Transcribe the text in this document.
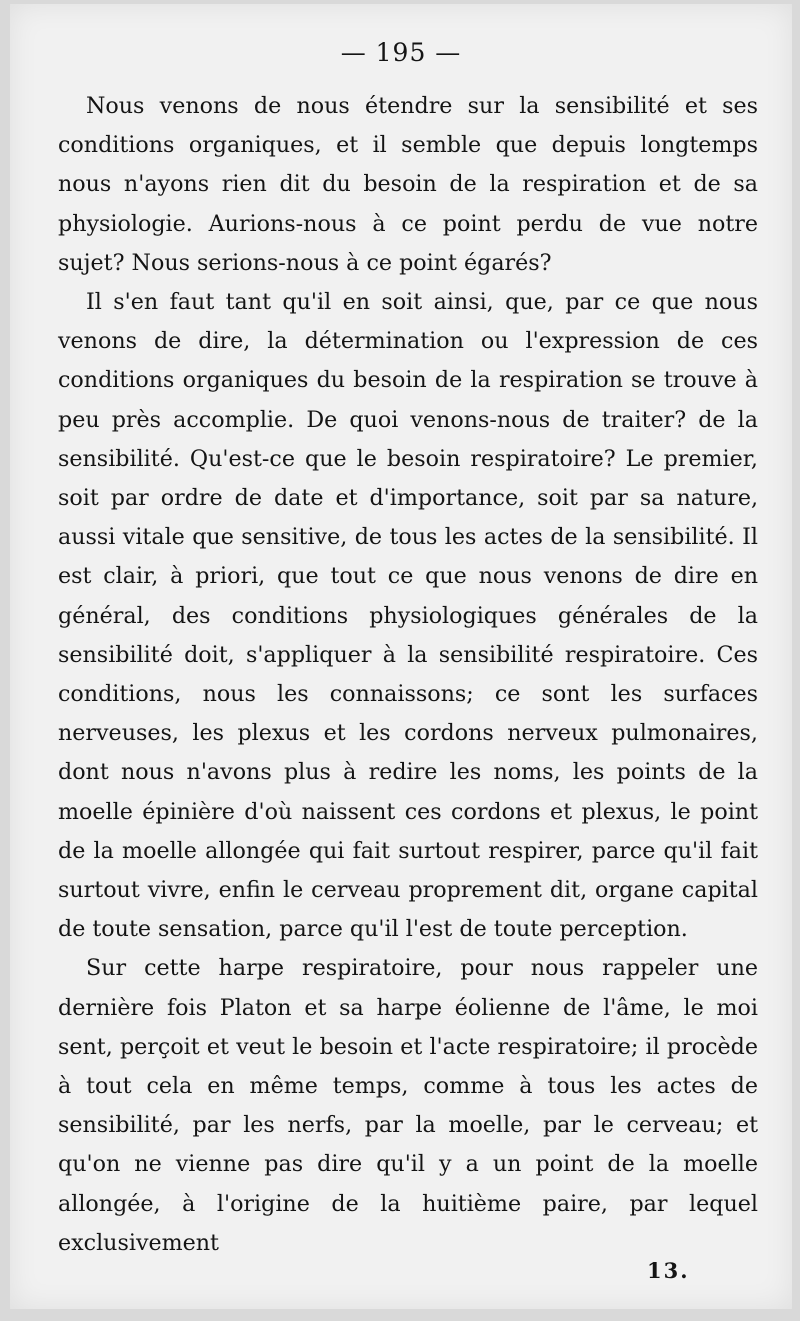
— 195 —

Nous venons de nous étendre sur la sensibilité et ses conditions organiques, et il semble que depuis longtemps nous n'ayons rien dit du besoin de la respiration et de sa physiologie. Aurions-nous à ce point perdu de vue notre sujet? Nous serions-nous à ce point égarés?

Il s'en faut tant qu'il en soit ainsi, que, par ce que nous venons de dire, la détermination ou l'expression de ces conditions organiques du besoin de la respiration se trouve à peu près accomplie. De quoi venons-nous de traiter? de la sensibilité. Qu'est-ce que le besoin respiratoire? Le premier, soit par ordre de date et d'importance, soit par sa nature, aussi vitale que sensitive, de tous les actes de la sensibilité. Il est clair, à priori, que tout ce que nous venons de dire en général, des conditions physiologiques générales de la sensibilité doit, s'appliquer à la sensibilité respiratoire. Ces conditions, nous les connaissons; ce sont les surfaces nerveuses, les plexus et les cordons nerveux pulmonaires, dont nous n'avons plus à redire les noms, les points de la moelle épinière d'où naissent ces cordons et plexus, le point de la moelle allongée qui fait surtout respirer, parce qu'il fait surtout vivre, enfin le cerveau proprement dit, organe capital de toute sensation, parce qu'il l'est de toute perception.

Sur cette harpe respiratoire, pour nous rappeler une dernière fois Platon et sa harpe éolienne de l'âme, le moi sent, perçoit et veut le besoin et l'acte respiratoire; il procède à tout cela en même temps, comme à tous les actes de sensibilité, par les nerfs, par la moelle, par le cerveau; et qu'on ne vienne pas dire qu'il y a un point de la moelle allongée, à l'origine de la huitième paire, par lequel exclusivement

13.
